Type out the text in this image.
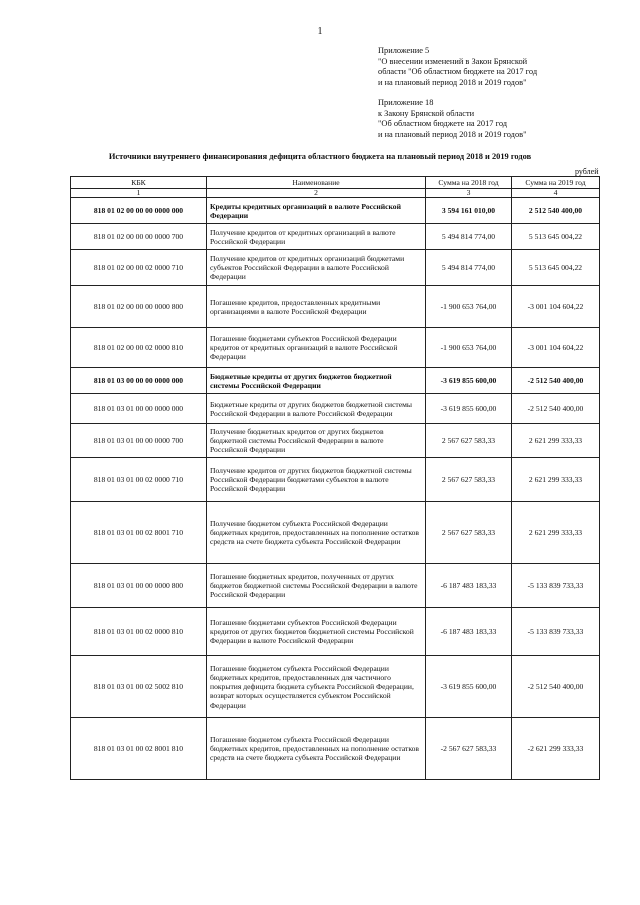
1
Приложение 5
"О внесении изменений в Закон Брянской
области "Об областном бюджете на 2017 год
и на плановый период 2018 и 2019 годов"
Приложение 18
к Закону Брянской области
"Об областном бюджете на 2017 год
и на плановый период 2018 и 2019 годов"
Источники внутреннего финансирования дефицита областного бюджета на плановый период 2018 и 2019 годов
рублей
КБК	Наименование	Сумма на 2018 год	Сумма на 2019 год
1	2	3	4
818 01 02 00 00 00 0000 000	Кредиты кредитных организаций в валюте Российской Федерации	3 594 161 010,00	2 512 540 400,00
818 01 02 00 00 00 0000 700	Получение кредитов от кредитных организаций в валюте Российской Федерации	5 494 814 774,00	5 513 645 004,22
818 01 02 00 00 02 0000 710	Получение кредитов от кредитных организаций бюджетами субъектов Российской Федерации в валюте Российской Федерации	5 494 814 774,00	5 513 645 004,22
818 01 02 00 00 00 0000 800	Погашение кредитов, предоставленных кредитными организациями в валюте Российской Федерации	-1 900 653 764,00	-3 001 104 604,22
818 01 02 00 00 02 0000 810	Погашение бюджетами субъектов Российской Федерации кредитов от кредитных организаций в валюте Российской Федерации	-1 900 653 764,00	-3 001 104 604,22
818 01 03 00 00 00 0000 000	Бюджетные кредиты от других бюджетов бюджетной системы Российской Федерации	-3 619 855 600,00	-2 512 540 400,00
818 01 03 01 00 00 0000 000	Бюджетные кредиты от других бюджетов бюджетной системы Российской Федерации в валюте Российской Федерации	-3 619 855 600,00	-2 512 540 400,00
818 01 03 01 00 00 0000 700	Получение бюджетных кредитов от других бюджетов бюджетной системы Российской Федерации в валюте Российской Федерации	2 567 627 583,33	2 621 299 333,33
818 01 03 01 00 02 0000 710	Получение кредитов от других бюджетов бюджетной системы Российской Федерации бюджетами субъектов в валюте Российской Федерации	2 567 627 583,33	2 621 299 333,33
818 01 03 01 00 02 8001 710	Получение бюджетом субъекта Российской Федерации бюджетных кредитов, предоставленных на пополнение остатков средств на счете бюджета субъекта Российской Федерации	2 567 627 583,33	2 621 299 333,33
818 01 03 01 00 00 0000 800	Погашение бюджетных кредитов, полученных от других бюджетов бюджетной системы Российской Федерации в валюте Российской Федерации	-6 187 483 183,33	-5 133 839 733,33
818 01 03 01 00 02 0000 810	Погашение бюджетами субъектов Российской Федерации кредитов от других бюджетов бюджетной системы Российской Федерации в валюте Российской Федерации	-6 187 483 183,33	-5 133 839 733,33
818 01 03 01 00 02 5002 810	Погашение бюджетом субъекта Российской Федерации бюджетных кредитов, предоставленных для частичного покрытия дефицита бюджета субъекта Российской Федерации, возврат которых осуществляется субъектом Российской Федерации	-3 619 855 600,00	-2 512 540 400,00
818 01 03 01 00 02 8001 810	Погашение бюджетом субъекта Российской Федерации бюджетных кредитов, предоставленных на пополнение остатков средств на счете бюджета субъекта Российской Федерации	-2 567 627 583,33	-2 621 299 333,33
